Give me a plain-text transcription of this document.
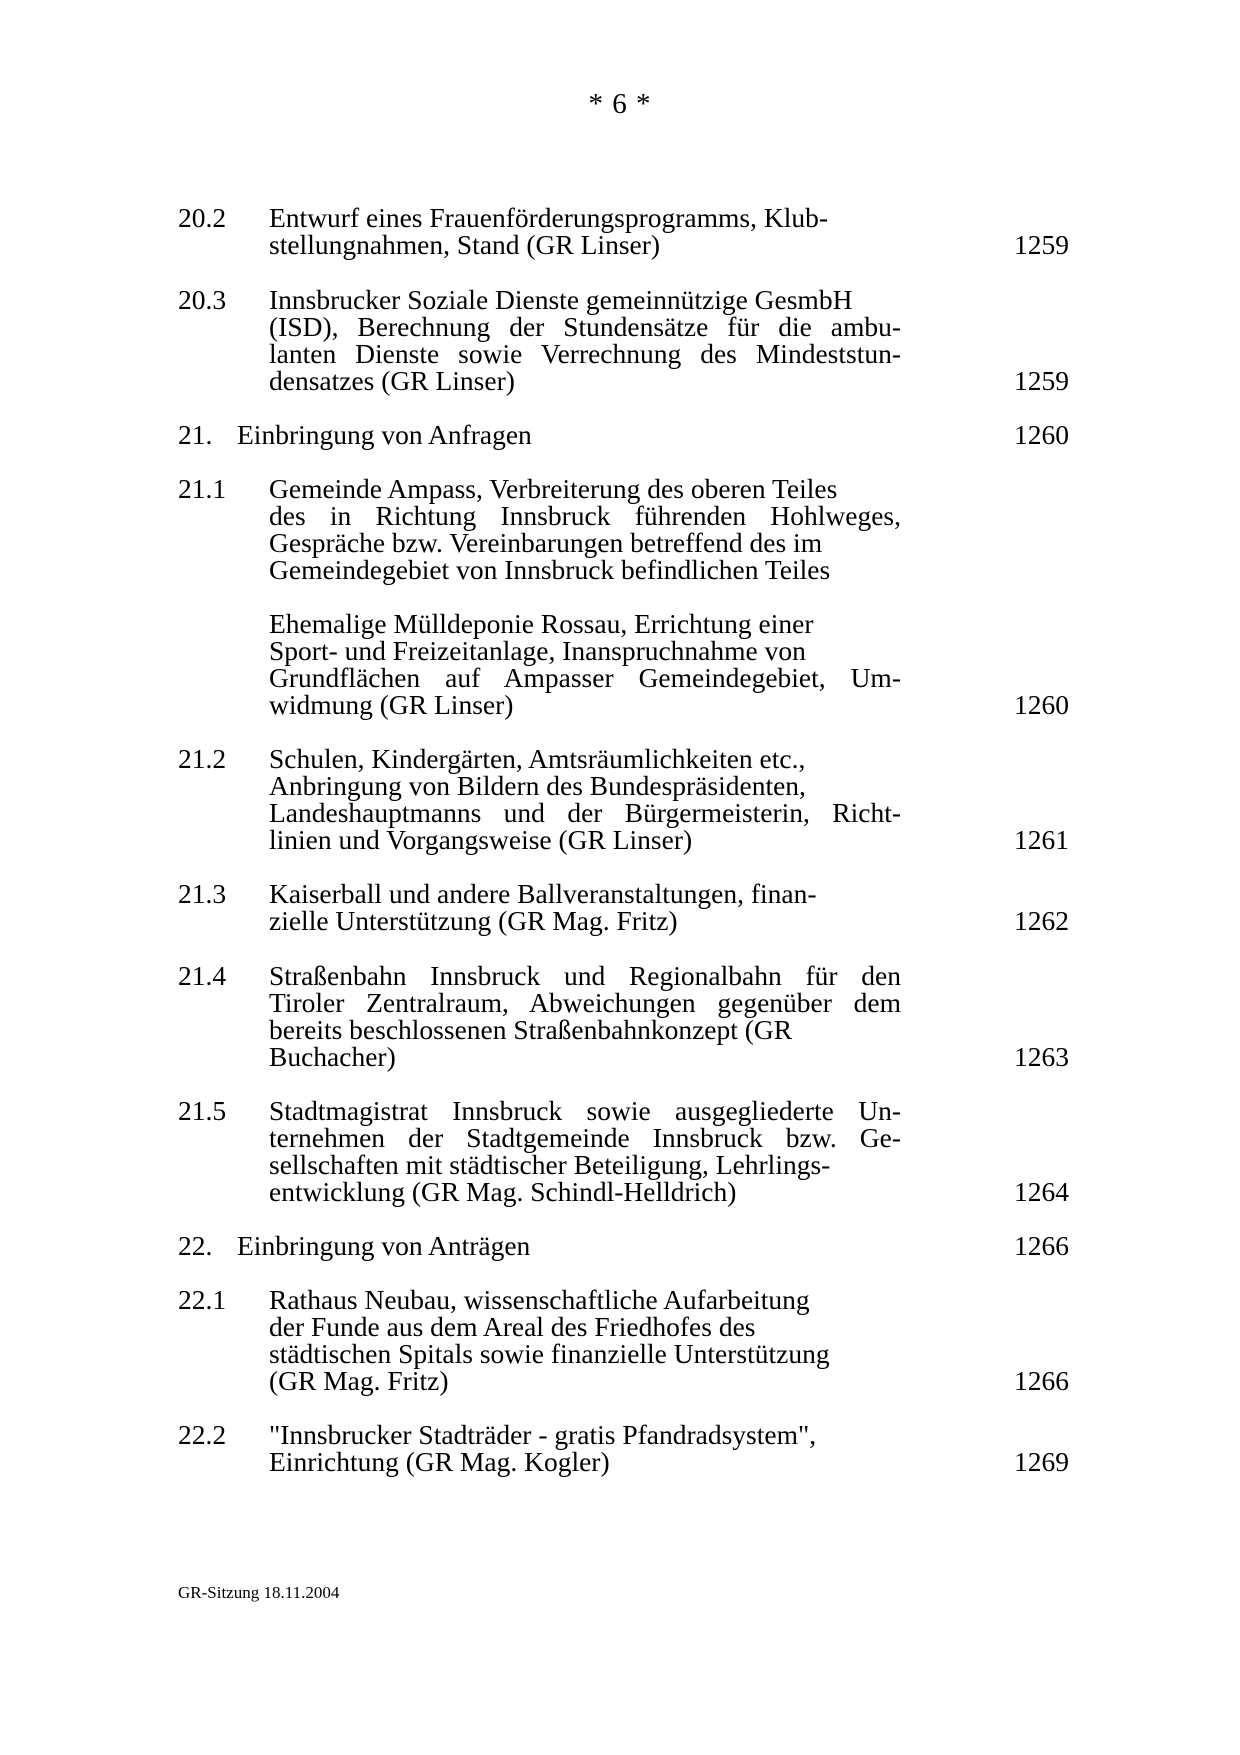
* 6 *
20.2 Entwurf eines Frauenförderungsprogramms, Klub-
stellungnahmen, Stand (GR Linser)	1259
20.3 Innsbrucker Soziale Dienste gemeinnützige GesmbH
(ISD), Berechnung der Stundensätze für die ambu-
lanten Dienste sowie Verrechnung des Mindeststun-
densatzes (GR Linser)	1259
21. Einbringung von Anfragen	1260
21.1 Gemeinde Ampass, Verbreiterung des oberen Teiles
des in Richtung Innsbruck führenden Hohlweges,
Gespräche bzw. Vereinbarungen betreffend des im
Gemeindegebiet von Innsbruck befindlichen Teiles
Ehemalige Mülldeponie Rossau, Errichtung einer
Sport- und Freizeitanlage, Inanspruchnahme von
Grundflächen auf Ampasser Gemeindegebiet, Um-
widmung (GR Linser)	1260
21.2 Schulen, Kindergärten, Amtsräumlichkeiten etc.,
Anbringung von Bildern des Bundespräsidenten,
Landeshauptmanns und der Bürgermeisterin, Richt-
linien und Vorgangsweise (GR Linser)	1261
21.3 Kaiserball und andere Ballveranstaltungen, finan-
zielle Unterstützung (GR Mag. Fritz)	1262
21.4 Straßenbahn Innsbruck und Regionalbahn für den
Tiroler Zentralraum, Abweichungen gegenüber dem
bereits beschlossenen Straßenbahnkonzept (GR
Buchacher)	1263
21.5 Stadtmagistrat Innsbruck sowie ausgegliederte Un-
ternehmen der Stadtgemeinde Innsbruck bzw. Ge-
sellschaften mit städtischer Beteiligung, Lehrlings-
entwicklung (GR Mag. Schindl-Helldrich)	1264
22. Einbringung von Anträgen	1266
22.1 Rathaus Neubau, wissenschaftliche Aufarbeitung
der Funde aus dem Areal des Friedhofes des
städtischen Spitals sowie finanzielle Unterstützung
(GR Mag. Fritz)	1266
22.2 "Innsbrucker Stadträder - gratis Pfandradsystem",
Einrichtung (GR Mag. Kogler)	1269
GR-Sitzung 18.11.2004
